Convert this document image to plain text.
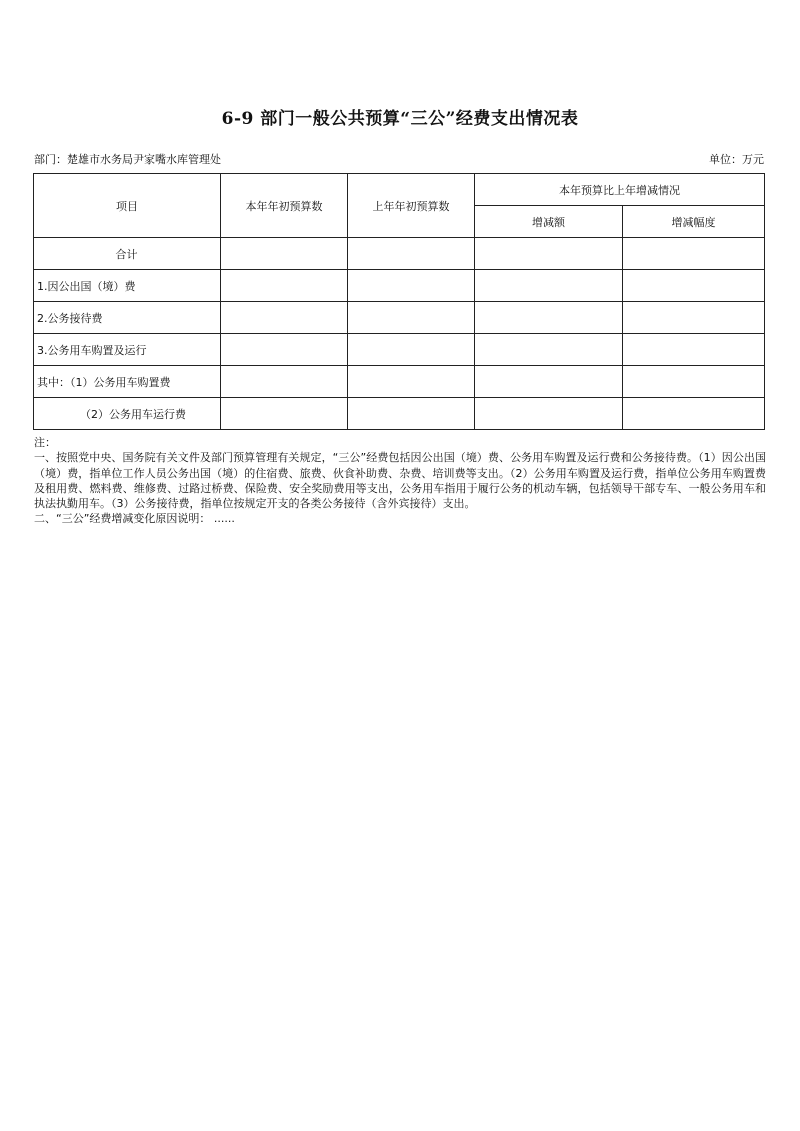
6-9 部门一般公共预算“三公”经费支出情况表
部门：楚雄市水务局尹家嘴水库管理处	单位：万元
项目	本年年初预算数	上年年初预算数	本年预算比上年增减情况	
			增减额	增减幅度
合计				
1.因公出国（境）费				
2.公务接待费				
3.公务用车购置及运行				
其中：（1）公务用车购置费				
（2）公务用车运行费				

注：

一、按照党中央、国务院有关文件及部门预算管理有关规定，“三公”经费包括因公出国（境）费、公务用车购置及运行费和公务接待费。（1）因公出国（境）费，指单位工作人员公务出国（境）的住宿费、旅费、伙食补助费、杂费、培训费等支出。（2）公务用车购置及运行费，指单位公务用车购置费及租用费、燃料费、维修费、过路过桥费、保险费、安全奖励费用等支出，公务用车指用于履行公务的机动车辆，包括领导干部专车、一般公务用车和执法执勤用车。（3）公务接待费，指单位按规定开支的各类公务接待（含外宾接待）支出。

二、“三公”经费增减变化原因说明： ......
